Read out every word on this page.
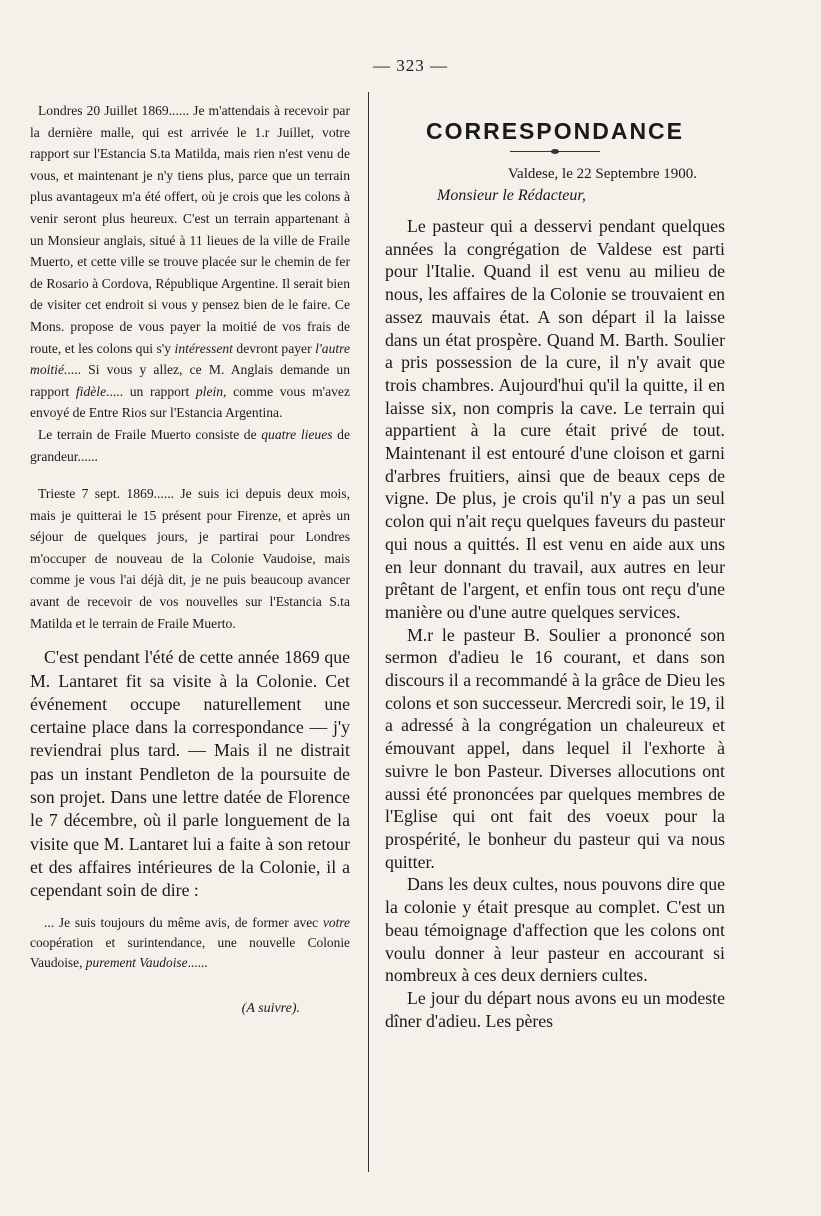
— 323 —

Londres 20 Juillet 1869...... Je m'attendais à recevoir par la dernière malle, qui est arrivée le 1.r Juillet, votre rapport sur l'Estancia S.ta Matilda, mais rien n'est venu de vous, et maintenant je n'y tiens plus, parce que un terrain plus avantageux m'a été offert, où je crois que les colons à venir seront plus heureux. C'est un terrain appartenant à un Monsieur anglais, situé à 11 lieues de la ville de Fraile Muerto, et cette ville se trouve placée sur le chemin de fer de Rosario à Cordova, République Argentine. Il serait bien de visiter cet endroit si vous y pensez bien de le faire. Ce Mons. propose de vous payer la moitié de vos frais de route, et les colons qui s'y intéressent devront payer l'autre moitié..... Si vous y allez, ce M. Anglais demande un rapport fidèle..... un rapport plein, comme vous m'avez envoyé de Entre Rios sur l'Estancia Argentina.

Le terrain de Fraile Muerto consiste de quatre lieues de grandeur......

Trieste 7 sept. 1869...... Je suis ici depuis deux mois, mais je quitterai le 15 présent pour Firenze, et après un séjour de quelques jours, je partirai pour Londres m'occuper de nouveau de la Colonie Vaudoise, mais comme je vous l'ai déjà dit, je ne puis beaucoup avancer avant de recevoir de vos nouvelles sur l'Estancia S.ta Matilda et le terrain de Fraile Muerto.

C'est pendant l'été de cette année 1869 que M. Lantaret fit sa visite à la Colonie. Cet événement occupe naturellement une certaine place dans la correspondance — j'y reviendrai plus tard. — Mais il ne distrait pas un instant Pendleton de la poursuite de son projet. Dans une lettre datée de Florence le 7 décembre, où il parle longuement de la visite que M. Lantaret lui a faite à son retour et des affaires intérieures de la Colonie, il a cependant soin de dire :

... Je suis toujours du même avis, de former avec votre coopération et surintendance, une nouvelle Colonie Vaudoise, purement Vaudoise......

(A suivre).

CORRESPONDANCE

Valdese, le 22 Septembre 1900.

Monsieur le Rédacteur,

Le pasteur qui a desservi pendant quelques années la congrégation de Valdese est parti pour l'Italie. Quand il est venu au milieu de nous, les affaires de la Colonie se trouvaient en assez mauvais état. A son départ il la laisse dans un état prospère. Quand M. Barth. Soulier a pris possession de la cure, il n'y avait que trois chambres. Aujourd'hui qu'il la quitte, il en laisse six, non compris la cave. Le terrain qui appartient à la cure était privé de tout. Maintenant il est entouré d'une cloison et garni d'arbres fruitiers, ainsi que de beaux ceps de vigne. De plus, je crois qu'il n'y a pas un seul colon qui n'ait reçu quelques faveurs du pasteur qui nous a quittés. Il est venu en aide aux uns en leur donnant du travail, aux autres en leur prêtant de l'argent, et enfin tous ont reçu d'une manière ou d'une autre quelques services.

M.r le pasteur B. Soulier a prononcé son sermon d'adieu le 16 courant, et dans son discours il a recommandé à la grâce de Dieu les colons et son successeur. Mercredi soir, le 19, il a adressé à la congrégation un chaleureux et émouvant appel, dans lequel il l'exhorte à suivre le bon Pasteur. Diverses allocutions ont aussi été prononcées par quelques membres de l'Eglise qui ont fait des voeux pour la prospérité, le bonheur du pasteur qui va nous quitter.

Dans les deux cultes, nous pouvons dire que la colonie y était presque au complet. C'est un beau témoignage d'affection que les colons ont voulu donner à leur pasteur en accourant si nombreux à ces deux derniers cultes.

Le jour du départ nous avons eu un modeste dîner d'adieu. Les pères
